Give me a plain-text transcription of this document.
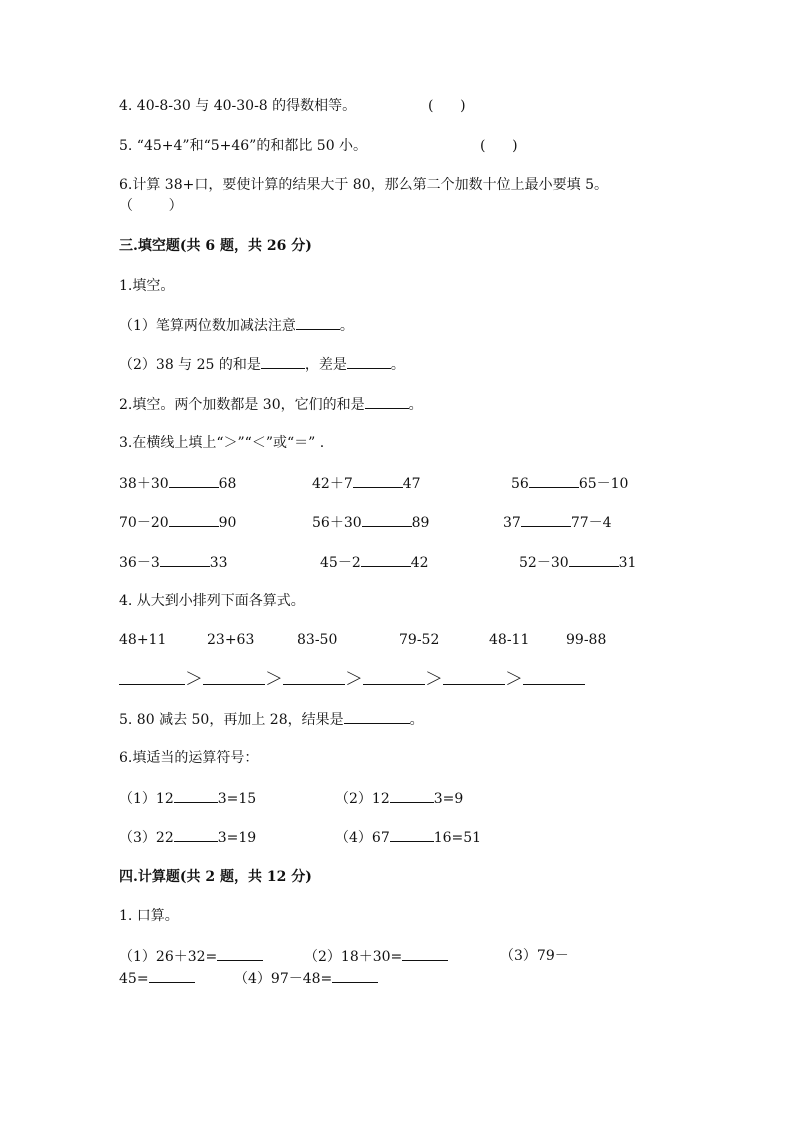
4. 40-8-30 与 40-30-8 的得数相等。	(      )
5. “45+4”和“5+46”的和都比 50 小。	(      )
6.计算 38+口，要使计算的结果大于 80，那么第二个加数十位上最小要填 5。
（        ）
三.填空题(共 6 题，共 26 分)
1.填空。
（1）笔算两位数加减法注意	。
（2）38 与 25 的和是	，差是	。
2.填空。两个加数都是 30，它们的和是	。
3.在横线上填上“＞”“＜”或“＝” .
38＋30	68	42＋7	47	56	65－10
70－20	90	56＋30	89	37	77－4
36－3	33	45－2	42	52－30	31
4. 从大到小排列下面各算式。
48+11	23+63	83-50	79-52	48-11	99-88
＞	＞	＞	＞	＞
5. 80 减去 50，再加上 28，结果是	。
6.填适当的运算符号：
（1）12	3=15	（2）12	3=9
（3）22	3=19	（4）67	16=51
四.计算题(共 2 题，共 12 分)
1. 口算。
（1）26＋32=	（2）18＋30=	（3）79－
45=	（4）97－48=
